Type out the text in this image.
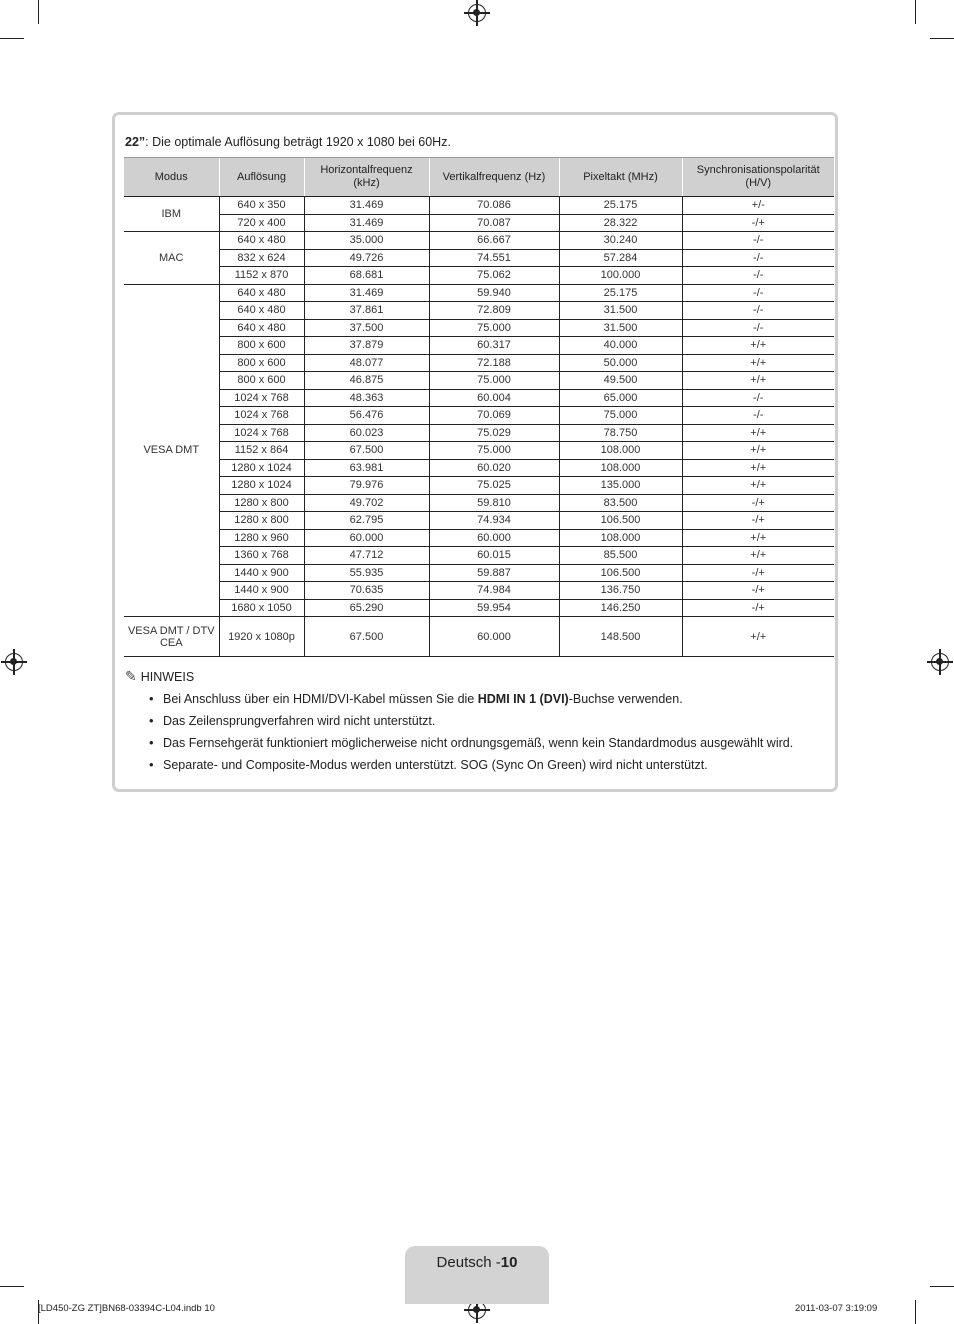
22”: Die optimale Auflösung beträgt 1920 x 1080 bei 60Hz.
Modus	Auflösung	Horizontalfrequenz (kHz)	Vertikalfrequenz (Hz)	Pixeltakt (MHz)	Synchronisationspolarität (H/V)
IBM	640 x 350	31.469	70.086	25.175	+/-
	720 x 400	31.469	70.087	28.322	-/+
MAC	640 x 480	35.000	66.667	30.240	-/-
	832 x 624	49.726	74.551	57.284	-/-
	1152 x 870	68.681	75.062	100.000	-/-
VESA DMT	640 x 480	31.469	59.940	25.175	-/-
	640 x 480	37.861	72.809	31.500	-/-
	640 x 480	37.500	75.000	31.500	-/-
	800 x 600	37.879	60.317	40.000	+/+
	800 x 600	48.077	72.188	50.000	+/+
	800 x 600	46.875	75.000	49.500	+/+
	1024 x 768	48.363	60.004	65.000	-/-
	1024 x 768	56.476	70.069	75.000	-/-
	1024 x 768	60.023	75.029	78.750	+/+
	1152 x 864	67.500	75.000	108.000	+/+
	1280 x 1024	63.981	60.020	108.000	+/+
	1280 x 1024	79.976	75.025	135.000	+/+
	1280 x 800	49.702	59.810	83.500	-/+
	1280 x 800	62.795	74.934	106.500	-/+
	1280 x 960	60.000	60.000	108.000	+/+
	1360 x 768	47.712	60.015	85.500	+/+
	1440 x 900	55.935	59.887	106.500	-/+
	1440 x 900	70.635	74.984	136.750	-/+
	1680 x 1050	65.290	59.954	146.250	-/+
VESA DMT / DTV CEA	1920 x 1080p	67.500	60.000	148.500	+/+
✎ HINWEIS
• Bei Anschluss über ein HDMI/DVI-Kabel müssen Sie die HDMI IN 1 (DVI)-Buchse verwenden.
• Das Zeilensprungverfahren wird nicht unterstützt.
• Das Fernsehgerät funktioniert möglicherweise nicht ordnungsgemäß, wenn kein Standardmodus ausgewählt wird.
• Separate- und Composite-Modus werden unterstützt. SOG (Sync On Green) wird nicht unterstützt.
Deutsch - 10
[LD450-ZG ZT]BN68-03394C-L04.indb 10	2011-03-07 3:19:09
